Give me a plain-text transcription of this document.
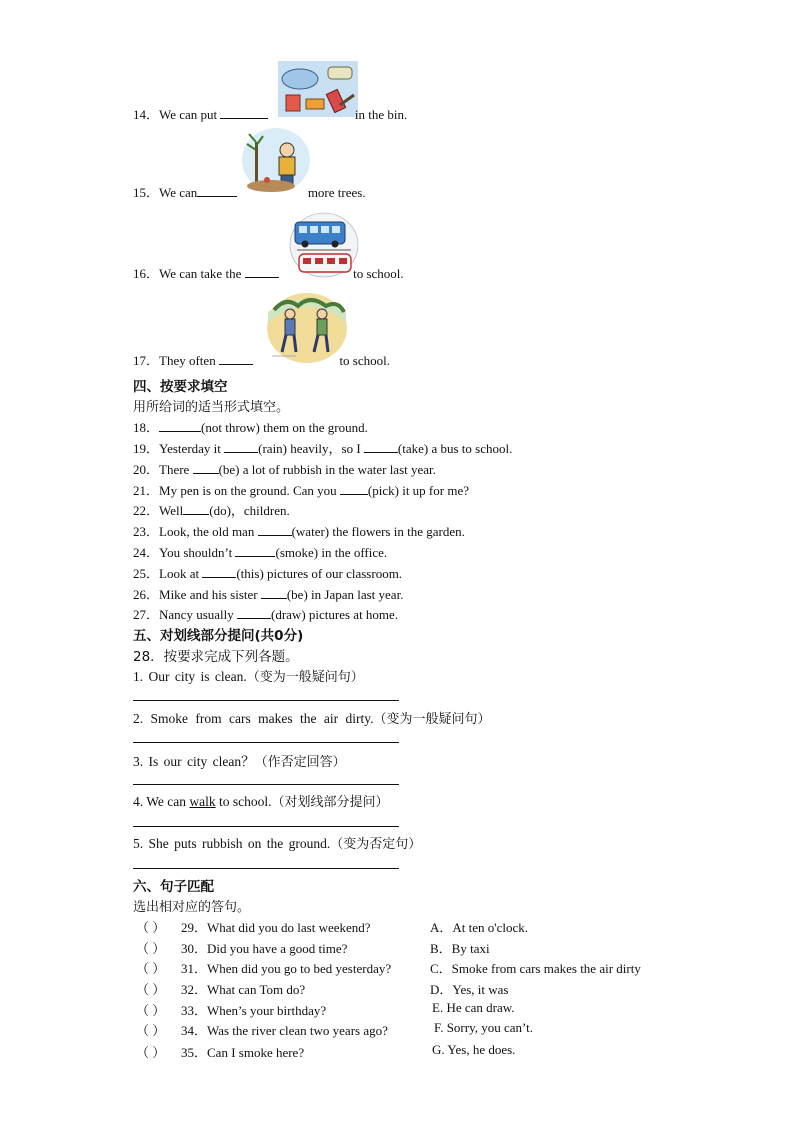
14．We can put	in the bin.
15．We can	more trees.
16．We can take the	to school.
17．They often	to school.
四、按要求填空
用所给词的适当形式填空。
18．	(not throw) them on the ground.
19．Yesterday it	(rain) heavily，so I	(take) a bus to school.
20．There (be) a lot of rubbish in the water last year.
21．My pen is on the ground. Can you (pick) it up for me?
22．Well (do)，children.
23．Look, the old man	(water) the flowers in the garden.
24．You shouldn’t	(smoke) in the office.
25．Look at	(this) pictures of our classroom.
26．Mike and his sister (be) in Japan last year.
27．Nancy usually	(draw) pictures at home.
五、对划线部分提问(共0分)
28．按要求完成下列各题。
1. Our city is clean.（变为一般疑问句）
2. Smoke from cars makes the air dirty.（变为一般疑问句）
3. Is our city clean？（作否定回答）
4. We can walk to school.（对划线部分提问）
5. She puts rubbish on the ground.（变为否定句）
六、句子匹配
选出相对应的答句。
（ ） 29．What did you do last weekend?	A．At ten o'clock.
（ ） 30．Did you have a good time?	B．By taxi
（ ） 31．When did you go to bed yesterday?	C．Smoke from cars makes the air dirty
（ ） 32．What can Tom do?	D．Yes, it was
（ ） 33．When’s your birthday?	E. He can draw.
（ ） 34．Was the river clean two years ago?	F. Sorry, you can’t.
（ ） 35．Can I smoke here?	G. Yes, he does.
